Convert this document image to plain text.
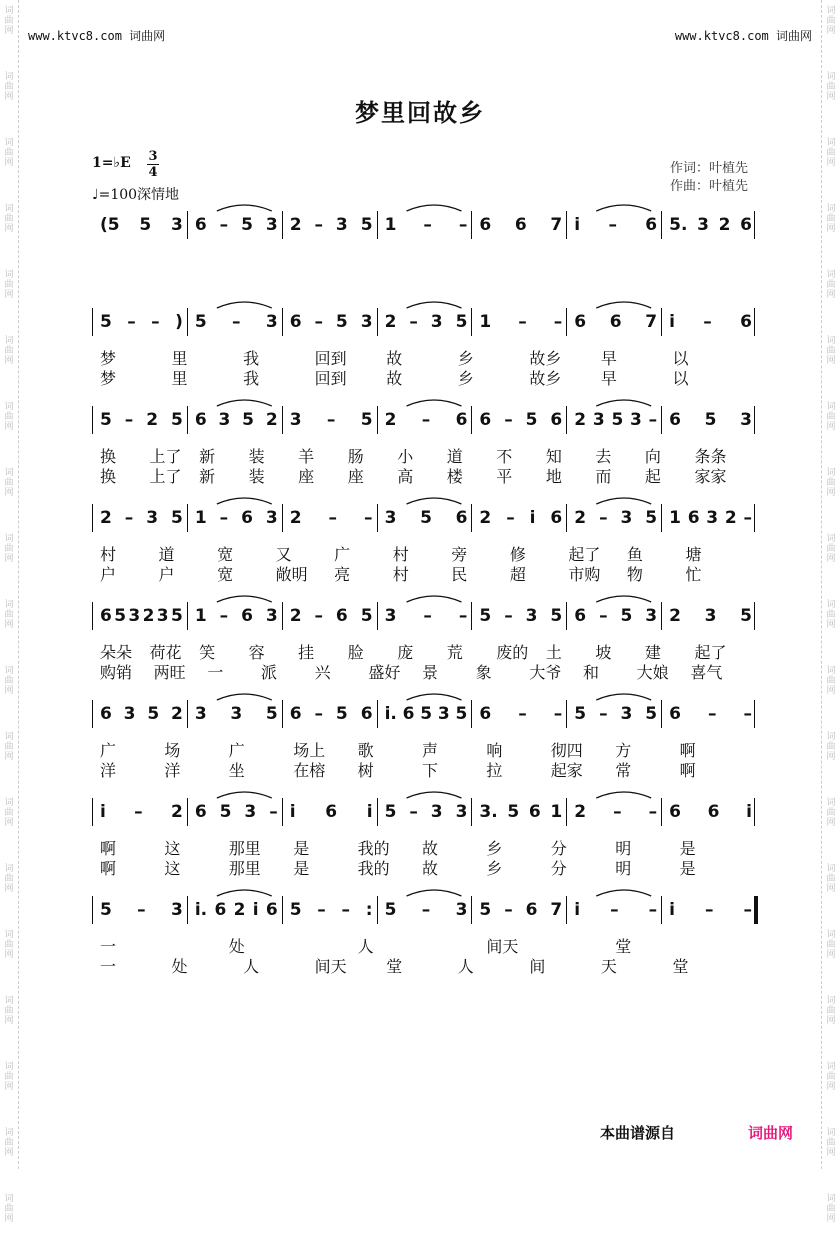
词
曲
网
词
曲
网
词
曲
网
词
曲
网
词
曲
网
词
曲
网
词
曲
网
词
曲
网
词
曲
网
词
曲
网
词
曲
网
词
曲
网
词
曲
网
词
曲
网
词
曲
网
词
曲
网
词
曲
网
词
曲
网
词
曲
网
词
曲
网
词
曲
网
词
曲
网
词
曲
网
词
曲
网
词
曲
网
词
曲
网
词
曲
网
词
曲
网
词
曲
网
词
曲
网
词
曲
网
词
曲
网
词
曲
网
词
曲
网
词
曲
网
词
曲
网
词
曲
网
词
曲
网
www.ktvc8.com 词曲网	www.ktvc8.com 词曲网
梦里回故乡
1=♭E 3
4
♩=100深情地
作词：叶植先
作曲：叶植先
(5 5 3 6 – 5 3 2 – 3 5 1 – – 6 6 7 i – 6 5. 3 2 6
5 – – ) 5 – 3 6 – 5 3 2 – 3 5 1 – – 6 6 7 i – 6
梦	里	我	回到 故	乡	故乡 早	以
梦	里	我	回到 故	乡	故乡 早	以
5 – 2 5 6 3 5 2 3 – 5 2 – 6 6 – 5 6 2 3 5 3 – 6 5 3
换 上了 新 装 羊 肠 小 道 不 知 去 向 条条
换 上了 新 装 座 座 高 楼 平 地 而 起 家家
2 – 3 5 1 – 6 3 2 – – 3 5 6 2 – i 6 2 – 3 5 1 6 3 2 –
村	道	宽	又	广	村	旁	修	起了 鱼	塘
户	户	宽	敞明 亮	村	民	超	市购 物	忙
6 5 3 2 3 5 1 – 6 3 2 – 6 5 3 – – 5 – 3 5 6 – 5 3 2 3 5
朵朵 荷花 笑 容 挂 脸 庞 荒 废的 土 坡 建 起了
购销 两旺 一 派 兴 盛好 景 象 大爷 和 大娘 喜气
6 3 5 2 3 3 5 6 – 5 6 i. 6 5 3 5 6 – – 5 – 3 5 6 – –
广	场	广	场上 歌	声	响	彻四 方	啊
洋	洋	坐	在榕 树	下	拉	起家 常	啊
i – 2 6 5 3 – i 6 i 5 – 3 3 3. 5 6 1 2 – – 6 6 i
啊	这	那里 是	我的 故	乡	分	明	是
啊	这	那里 是	我的 故	乡	分	明	是
5 – 3 i. 6 2 i 6 5 – – : 5 – 3 5 – 6 7 i – – i – –
一	处	人	间天	堂
一	处	人	间天 堂	人	间	天	堂
本曲谱源自	词曲网
